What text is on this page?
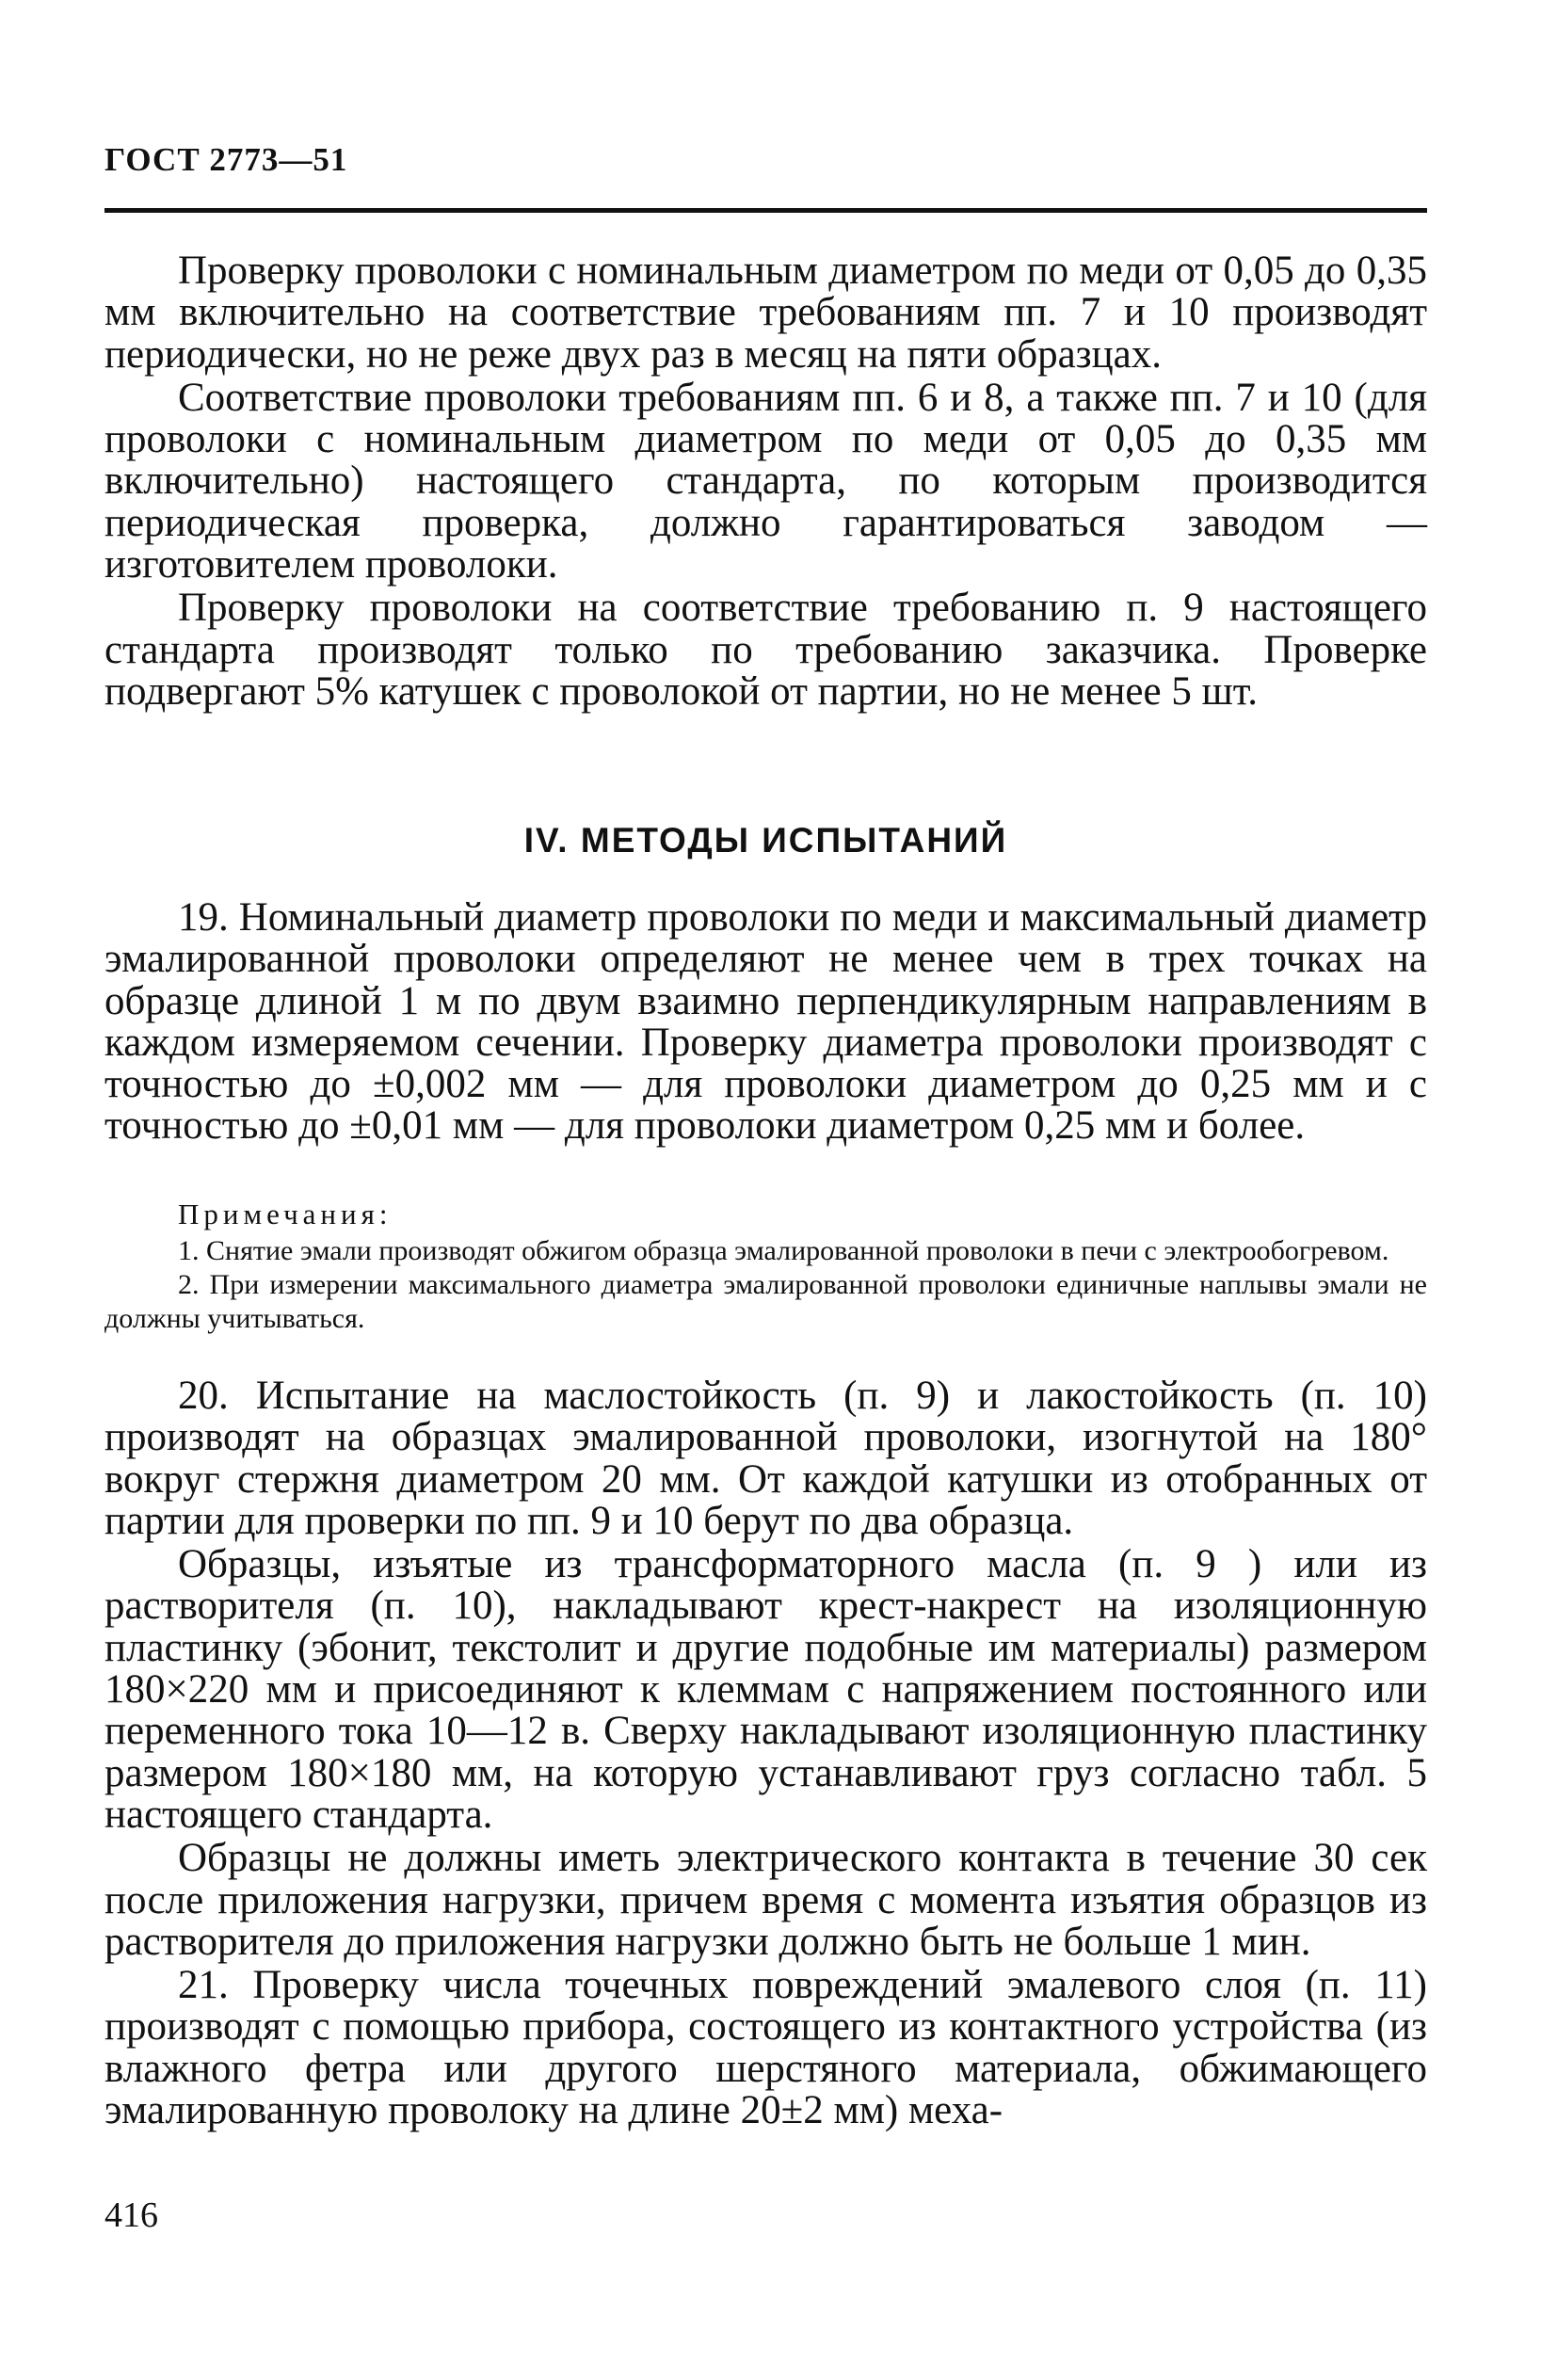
ГОСТ 2773—51

Проверку проволоки с номинальным диаметром по меди от 0,05 до 0,35 мм включительно на соответствие требованиям пп. 7 и 10 производят периодически, но не реже двух раз в месяц на пяти образцах.

Соответствие проволоки требованиям пп. 6 и 8, а также пп. 7 и 10 (для проволоки с номинальным диаметром по меди от 0,05 до 0,35 мм включительно) настоящего стандарта, по которым производится периодическая проверка, должно гарантироваться заводом — изготовителем проволоки.

Проверку проволоки на соответствие требованию п. 9 настоящего стандарта производят только по требованию заказчика. Проверке подвергают 5% катушек с проволокой от партии, но не менее 5 шт.

IV. МЕТОДЫ ИСПЫТАНИЙ

19. Номинальный диаметр проволоки по меди и максимальный диаметр эмалированной проволоки определяют не менее чем в трех точках на образце длиной 1 м по двум взаимно перпендикулярным направлениям в каждом измеряемом сечении. Проверку диаметра проволоки производят с точностью до ±0,002 мм — для проволоки диаметром до 0,25 мм и с точностью до ±0,01 мм — для проволоки диаметром 0,25 мм и более.

Примечания:

1. Снятие эмали производят обжигом образца эмалированной проволоки в печи с электрообогревом.

2. При измерении максимального диаметра эмалированной проволоки единичные наплывы эмали не должны учитываться.

20. Испытание на маслостойкость (п. 9) и лакостойкость (п. 10) производят на образцах эмалированной проволоки, изогнутой на 180° вокруг стержня диаметром 20 мм. От каждой катушки из отобранных от партии для проверки по пп. 9 и 10 берут по два образца.

Образцы, изъятые из трансформаторного масла (п. 9 ) или из растворителя (п. 10), накладывают крест-накрест на изоляционную пластинку (эбонит, текстолит и другие подобные им материалы) размером 180×220 мм и присоединяют к клеммам с напряжением постоянного или переменного тока 10—12 в. Сверху накладывают изоляционную пластинку размером 180×180 мм, на которую устанавливают груз согласно табл. 5 настоящего стандарта.

Образцы не должны иметь электрического контакта в течение 30 сек после приложения нагрузки, причем время с момента изъятия образцов из растворителя до приложения нагрузки должно быть не больше 1 мин.

21. Проверку числа точечных повреждений эмалевого слоя (п. 11) производят с помощью прибора, состоящего из контактного устройства (из влажного фетра или другого шерстяного материала, обжимающего эмалированную проволоку на длине 20±2 мм) меха-

416
